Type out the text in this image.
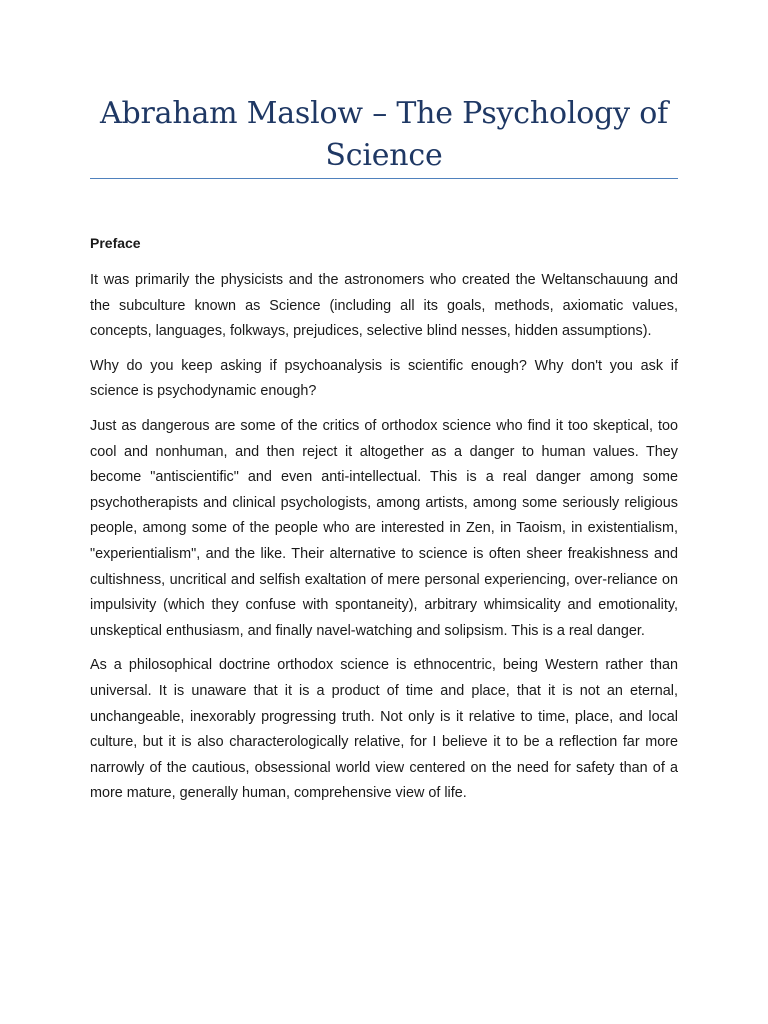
Abraham Maslow – The Psychology of Science

Preface

It was primarily the physicists and the astronomers who created the Weltanschauung and the subculture known as Science (including all its goals, methods, axiomatic values, concepts, languages, folkways, prejudices, selective blind nesses, hidden assumptions).

Why do you keep asking if psychoanalysis is scientific enough? Why don't you ask if science is psychodynamic enough?

Just as dangerous are some of the critics of orthodox science who find it too skeptical, too cool and nonhuman, and then reject it altogether as a danger to human values. They become "antiscientific" and even anti-intellectual. This is a real danger among some psychotherapists and clinical psychologists, among artists, among some seriously religious people, among some of the people who are interested in Zen, in Taoism, in existentialism, "experientialism", and the like. Their alternative to science is often sheer freakishness and cultishness, uncritical and selfish exaltation of mere personal experiencing, over-reliance on impulsivity (which they confuse with spontaneity), arbitrary whimsicality and emotionality, unskeptical enthusiasm, and finally navel-watching and solipsism. This is a real danger.

As a philosophical doctrine orthodox science is ethnocentric, being Western rather than universal. It is unaware that it is a product of time and place, that it is not an eternal, unchangeable, inexorably progressing truth. Not only is it relative to time, place, and local culture, but it is also characterologically relative, for I believe it to be a reflection far more narrowly of the cautious, obsessional world view centered on the need for safety than of a more mature, generally human, comprehensive view of life.
